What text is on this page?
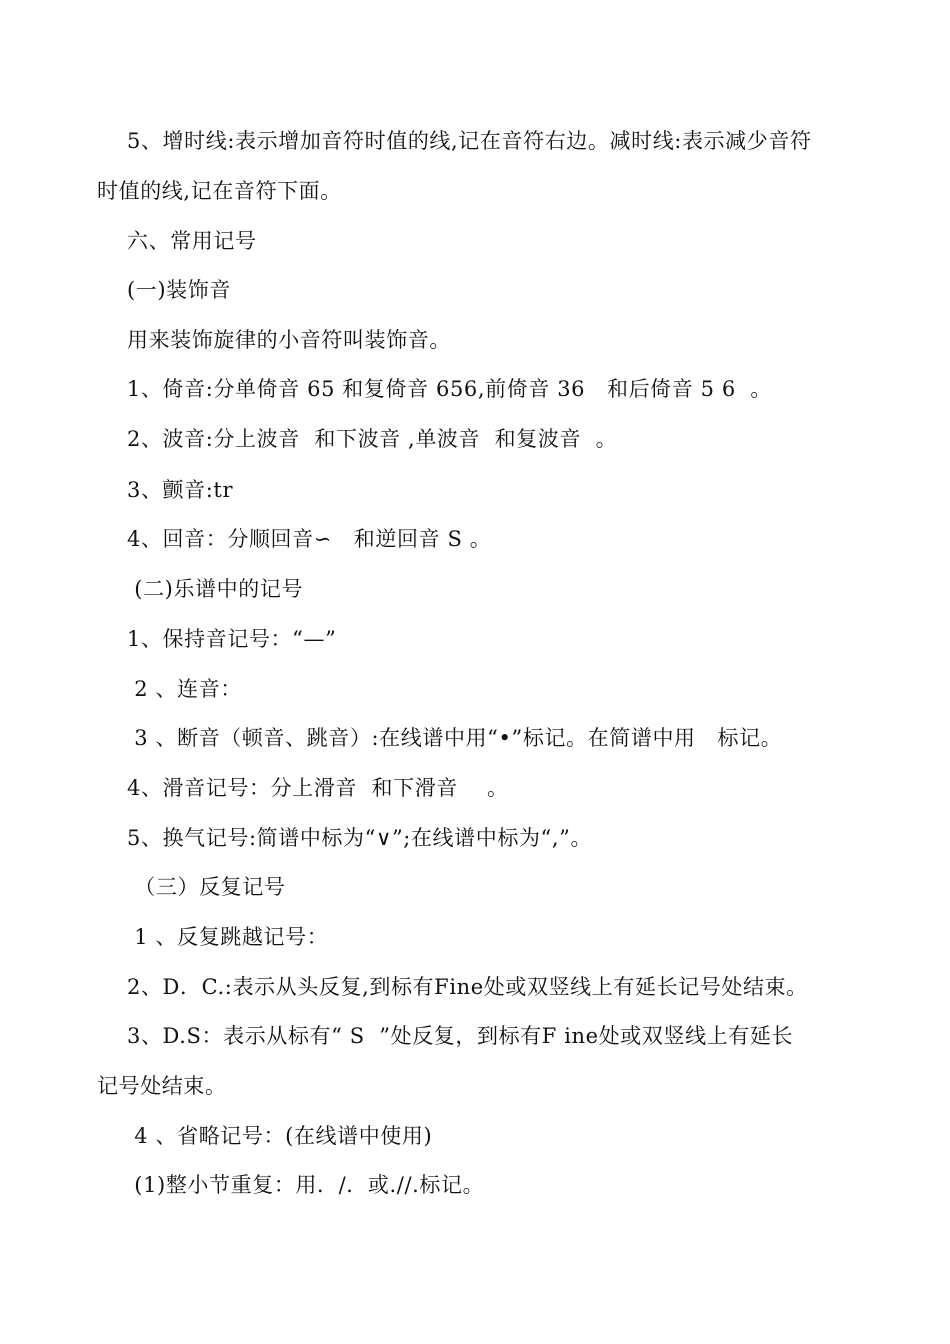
5、增时线:表示增加音符时值的线,记在音符右边。减时线:表示减少音符
时值的线,记在音符下面。
六、常用记号
(一)装饰音
用来装饰旋律的小音符叫装饰音。
1、倚音:分单倚音 65 和复倚音 656,前倚音 36   和后倚音 5 6  。
2、波音:分上波音  和下波音 ,单波音  和复波音  。
3、颤音:tr
4、回音：分顺回音∽   和逆回音 S 。
(二)乐谱中的记号
1、保持音记号：“—”
2 、连音：
3 、断音（顿音、跳音）:在线谱中用“•”标记。在简谱中用   标记。
4、滑音记号：分上滑音  和下滑音    。
5、换气记号:简谱中标为“∨”;在线谱中标为“,”。
（三）反复记号
1 、反复跳越记号：
2、D．C.:表示从头反复,到标有Fine处或双竖线上有延长记号处结束。
3、D.S：表示从标有“ S  ”处反复，到标有F ine处或双竖线上有延长
记号处结束。
4 、省略记号：(在线谱中使用)
(1)整小节重复：用．/．或.//.标记。
